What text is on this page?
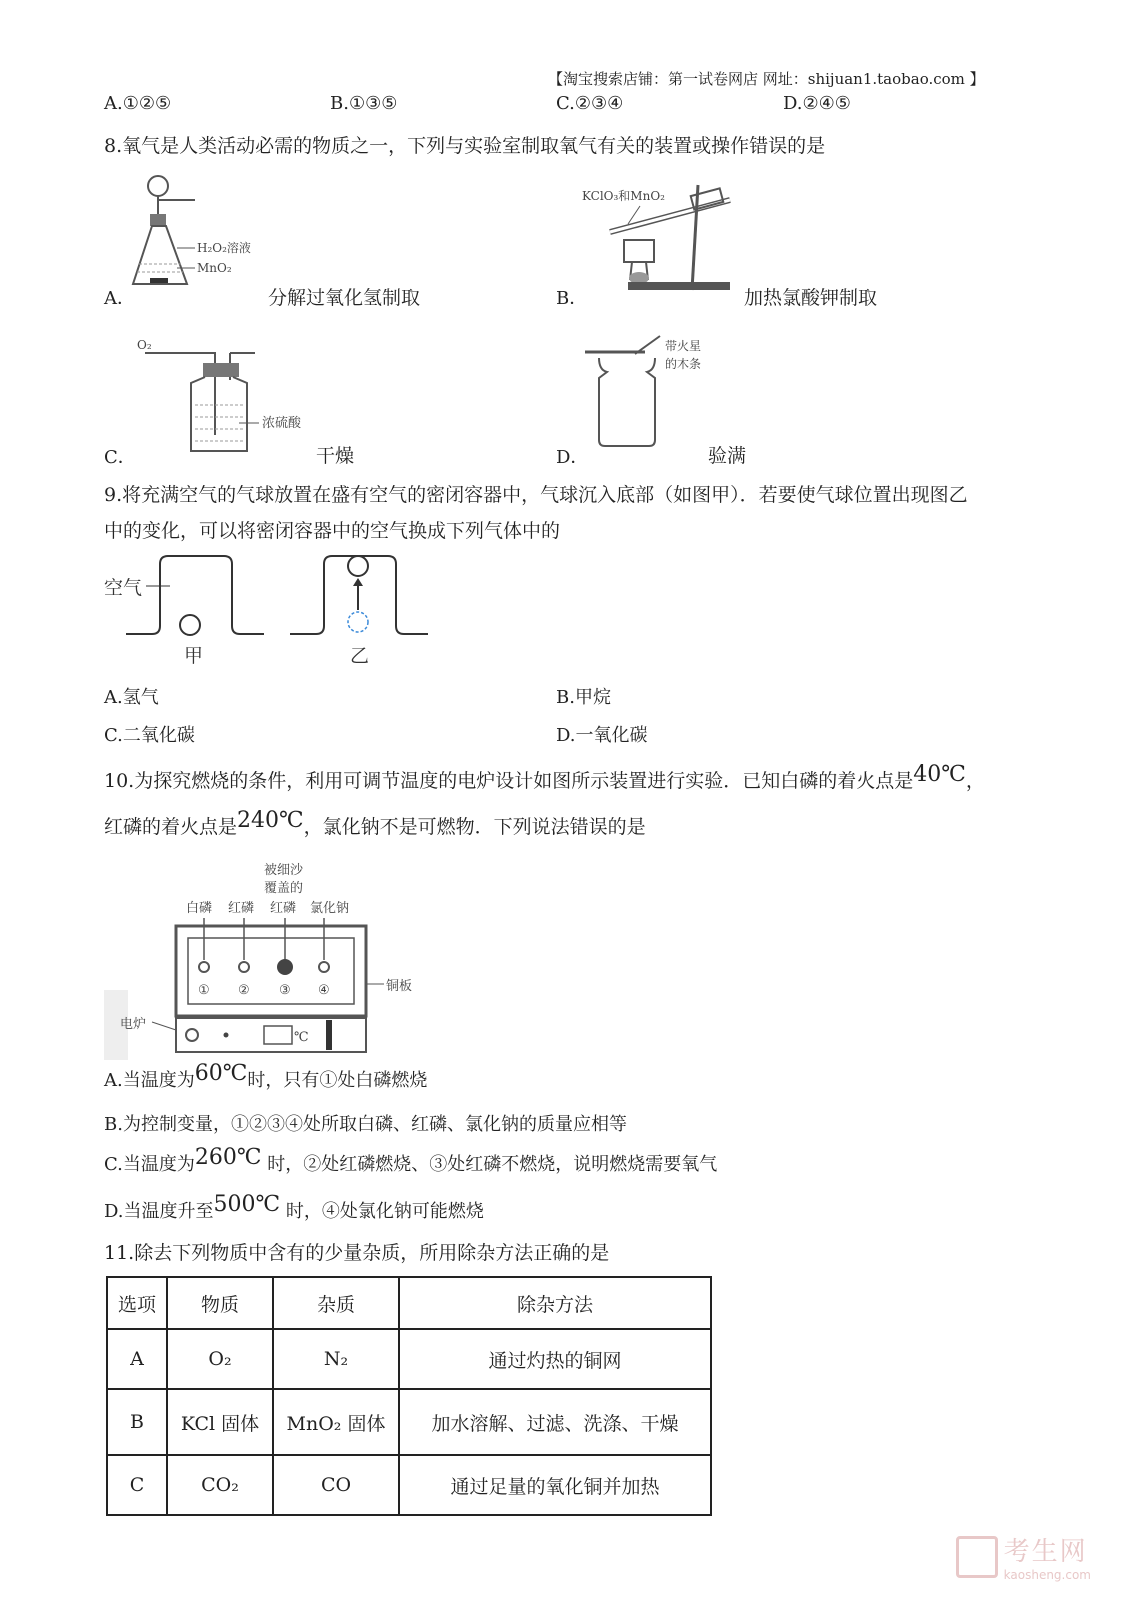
【淘宝搜索店铺：第一试卷网店 网址：shijuan1.taobao.com 】
A.①②⑤	B.①③⑤	C.②③④	D.②④⑤
8.氧气是人类活动必需的物质之一，下列与实验室制取氧气有关的装置或操作错误的是
H₂O₂溶液
MnO₂
A．	分解过氧化氢制取
KClO₃和MnO₂
B．	加热氯酸钾制取
O₂
浓硫酸
C．	干燥
带火星
的木条
D．	验满
9.将充满空气的气球放置在盛有空气的密闭容器中，气球沉入底部（如图甲）．若要使气球位置出现图乙
中的变化，可以将密闭容器中的空气换成下列气体中的
空气
甲	乙
A.氢气	B.甲烷
C.二氧化碳	D.一氧化碳
10.为探究燃烧的条件，利用可调节温度的电炉设计如图所示装置进行实验．已知白磷的着火点是40℃，
红磷的着火点是240℃，氯化钠不是可燃物．下列说法错误的是
被细沙
覆盖的
白磷 红磷 红磷 氯化钠
① ② ③ ④	铜板
电炉
℃
A.当温度为60℃时，只有①处白磷燃烧
B.为控制变量，①②③④处所取白磷、红磷、氯化钠的质量应相等
C.当温度为260℃ 时，②处红磷燃烧、③处红磷不燃烧，说明燃烧需要氧气
D.当温度升至500℃ 时，④处氯化钠可能燃烧
11.除去下列物质中含有的少量杂质，所用除杂方法正确的是
选项	物质	杂质	除杂方法
A	O₂	N₂	通过灼热的铜网
B	KCl 固体	MnO₂ 固体	加水溶解、过滤、洗涤、干燥
C	CO₂	CO	通过足量的氧化铜并加热
考生网
kaosheng.com
